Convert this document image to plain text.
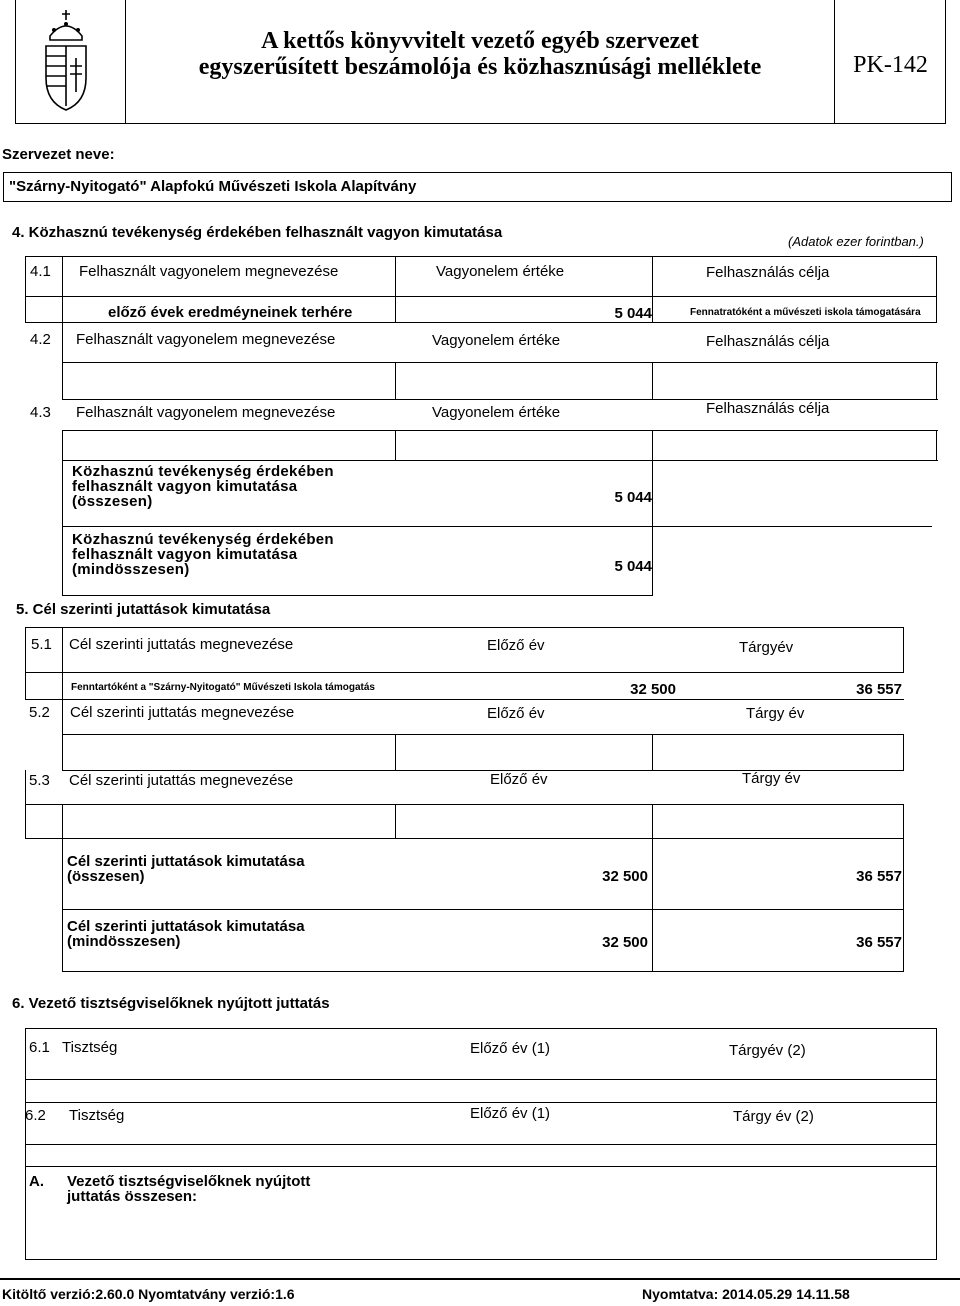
A kettős könyvvitelt vezető egyéb szervezet
egyszerűsített beszámolója és közhasznúsági melléklete	PK-142
Szervezet neve:
"Szárny-Nyitogató" Alapfokú Művészeti Iskola Alapítvány
4. Közhasznú tevékenység érdekében felhasznált vagyon kimutatása
(Adatok ezer forintban.)
4.1 Felhasznált vagyonelem megnevezése	Vagyonelem értéke	Felhasználás célja
előző évek eredméyneinek terhére	5 044	Fennatratóként a művészeti iskola támogatására
4.2 Felhasznált vagyonelem megnevezése	Vagyonelem értéke	Felhasználás célja
4.3 Felhasznált vagyonelem megnevezése	Vagyonelem értéke	Felhasználás célja
Közhasznú tevékenység érdekében
felhasznált vagyon kimutatása
(összesen)	5 044
Közhasznú tevékenység érdekében
felhasznált vagyon kimutatása
(mindösszesen)	5 044
5. Cél szerinti jutattások kimutatása
5.1 Cél szerinti juttatás megnevezése	Előző év	Tárgyév
Fenntartóként a "Szárny-Nyitogató" Művészeti Iskola támogatás	32 500	36 557
5.2 Cél szerinti juttatás megnevezése	Előző év	Tárgy év
5.3 Cél szerinti jutattás megnevezése	Előző év	Tárgy év
Cél szerinti juttatások kimutatása
(összesen)	32 500	36 557
Cél szerinti juttatások kimutatása
(mindösszesen)	32 500	36 557
6. Vezető tisztségviselőknek nyújtott juttatás
6.1 Tisztség	Előző év (1)	Tárgyév (2)
6.2 Tisztség	Előző év (1)	Tárgy év (2)
A. Vezető tisztségviselőknek nyújtott
juttatás összesen:
Kitöltő verzió:2.60.0 Nyomtatvány verzió:1.6	Nyomtatva: 2014.05.29 14.11.58
